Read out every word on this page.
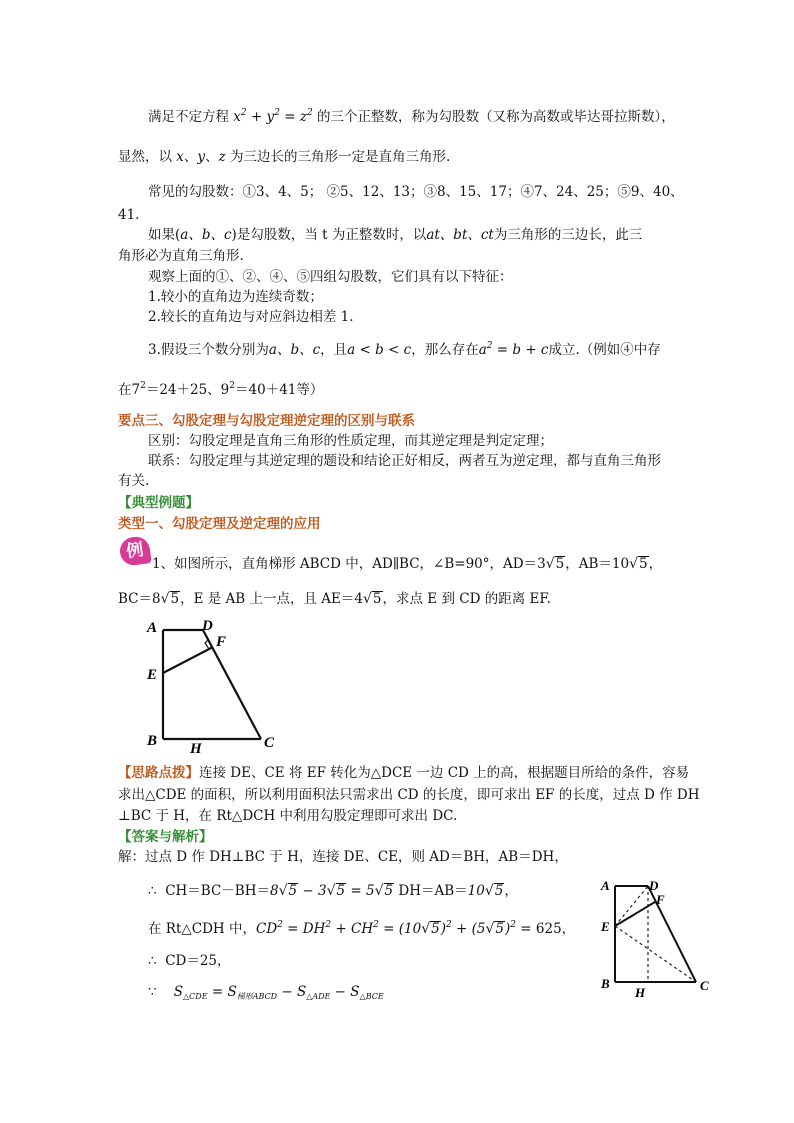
满足不定方程 $x^2 + y^2 = z^2$ 的三个正整数，称为勾股数（又称为高数或毕达哥拉斯数），
显然，以 x、y、z 为三边长的三角形一定是直角三角形.
常见的勾股数：①3、4、5； ②5、12、13；③8、15、17；④7、24、25；⑤9、40、
41.
如果(a、b、c)是勾股数，当 t 为正整数时，以at、bt、ct为三角形的三边长，此三
角形必为直角三角形.
观察上面的①、②、④、⑤四组勾股数，它们具有以下特征：
1.较小的直角边为连续奇数；
2.较长的直角边与对应斜边相差 1.
3.假设三个数分别为a、b、c，且a < b < c，那么存在$a^2 = b + c$成立.（例如④中存
在$7^2=24+25$、$9^2=40+41$等）
要点三、勾股定理与勾股定理逆定理的区别与联系
区别：勾股定理是直角三角形的性质定理，而其逆定理是判定定理；
联系：勾股定理与其逆定理的题设和结论正好相反，两者互为逆定理，都与直角三角形
有关.
【典型例题】
类型一、勾股定理及逆定理的应用
例
1、如图所示，直角梯形 ABCD 中，AD∥BC，∠B=90°，AD＝3√5，AB＝10√5，
BC＝8√5，E 是 AB 上一点，且 AE＝4√5，求点 E 到 CD 的距离 EF.
A	D
F
E
B H	C
【思路点拨】连接 DE、CE 将 EF 转化为△DCE 一边 CD 上的高，根据题目所给的条件，容易
求出△CDE 的面积，所以利用面积法只需求出 CD 的长度，即可求出 EF 的长度，过点 D 作 DH
⊥BC 于 H，在 Rt△DCH 中利用勾股定理即可求出 DC.
【答案与解析】
解：过点 D 作 DH⊥BC 于 H，连接 DE、CE，则 AD＝BH，AB＝DH，
∴ CH＝BC－BH＝8√5 − 3√5 = 5√5 DH＝AB＝10√5，
在 Rt△CDH 中，$CD^2 = DH^2 + CH^2 = (10√5)^2 + (5√5)^2 = 625$，
∴ CD＝25，
∵ $S_{\triangle CDE} = S_{梯形ABCD} - S_{\triangle ADE} - S_{\triangle BCE}$
A	D
F
E
B
H	C
